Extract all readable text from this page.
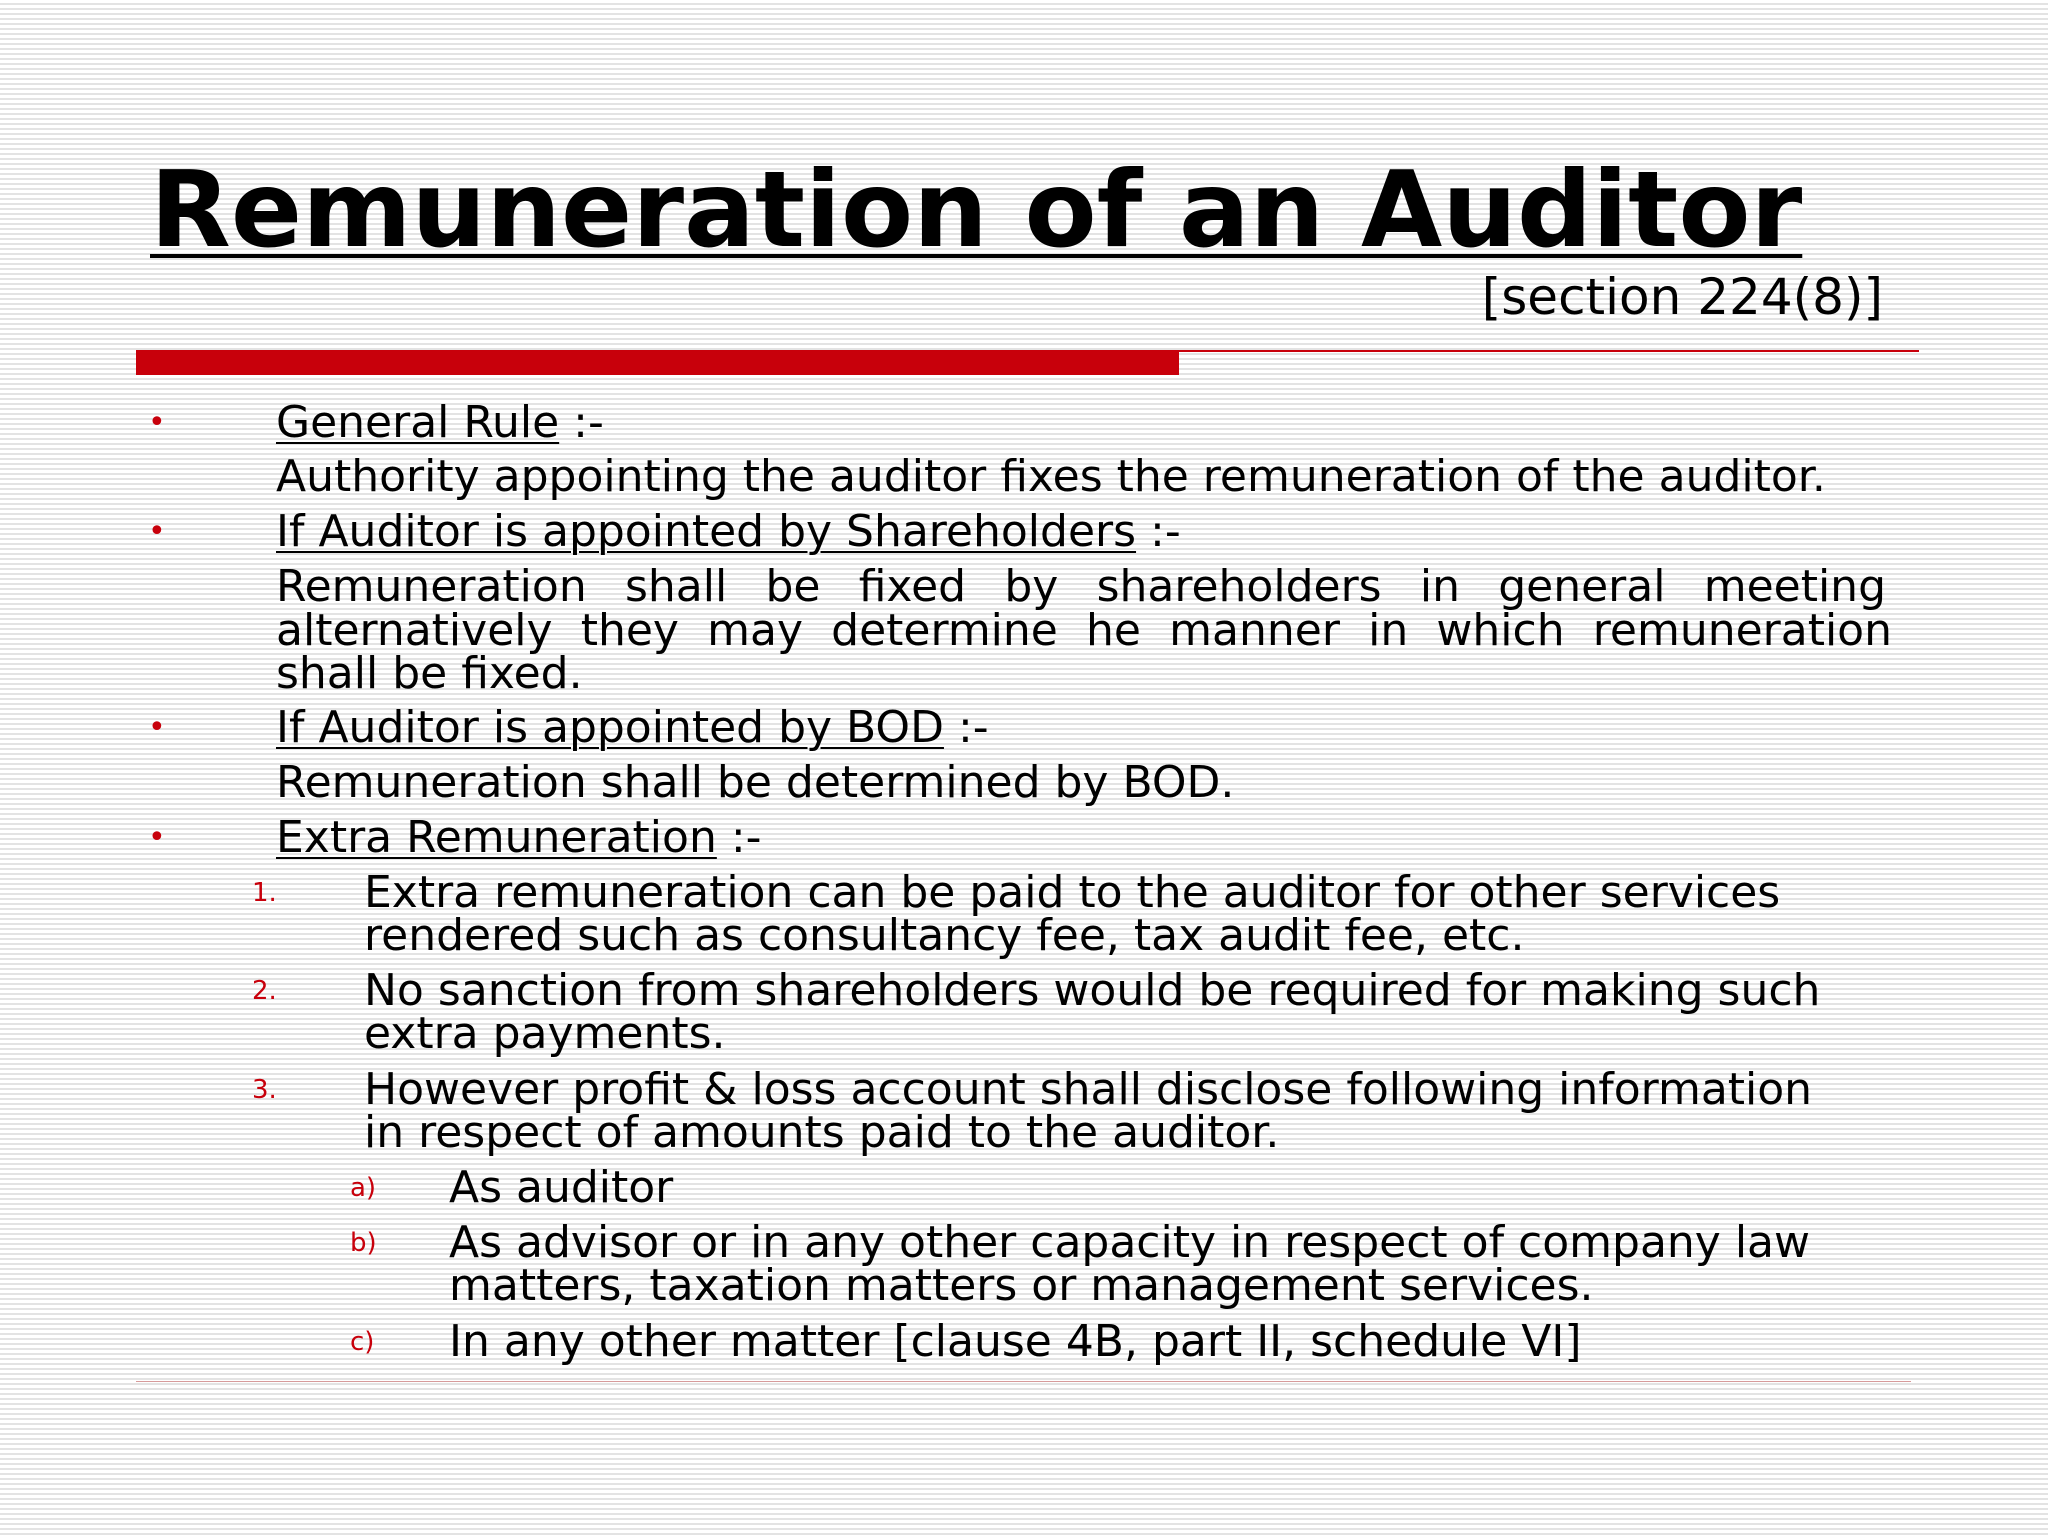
Remuneration of an Auditor
[section 224(8)]
•	General Rule :-
Authority appointing the auditor fixes the remuneration of the auditor.
•	If Auditor is appointed by Shareholders :-
Remuneration shall be fixed by shareholders in general meeting
alternatively they may determine he manner in which remuneration
shall be fixed.
•	If Auditor is appointed by BOD :-
Remuneration shall be determined by BOD.
•	Extra Remuneration :-
1. Extra remuneration can be paid to the auditor for other services
rendered such as consultancy fee, tax audit fee, etc.
2. No sanction from shareholders would be required for making such
extra payments.
3. However profit & loss account shall disclose following information
in respect of amounts paid to the auditor.
a) As auditor
b) As advisor or in any other capacity in respect of company law
matters, taxation matters or management services.
c) In any other matter [clause 4B, part II, schedule VI]
